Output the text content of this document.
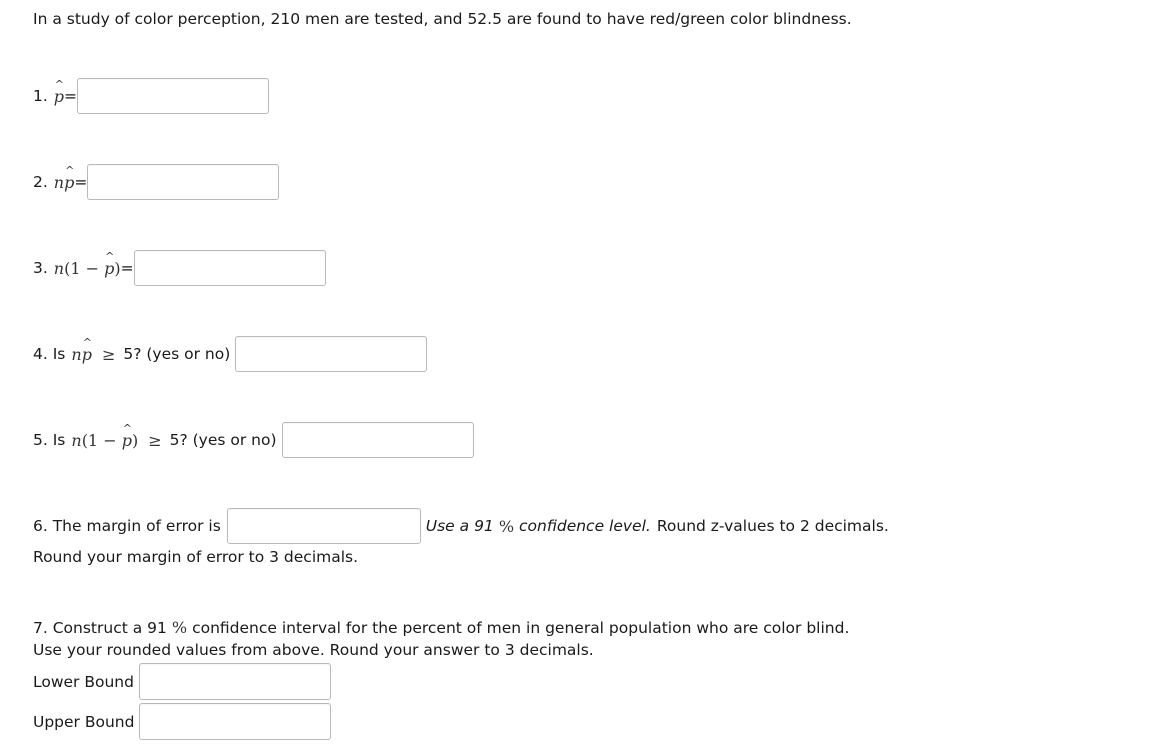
In a study of color perception, 210 men are tested, and 52.5 are found to have red/green color blindness.
1.
^ p =
2. n^ p =
3. n(1 − ^ p) =
4. Is n^ p ≥ 5? (yes or no)
5. Is n(1 − ^ p) ≥ 5? (yes or no)
6. The margin of error is	Use a 91 % confidence level. Round z-values to 2 decimals.
Round your margin of error to 3 decimals.
7. Construct a 91 % confidence interval for the percent of men in general population who are color blind.
Use your rounded values from above. Round your answer to 3 decimals.
Lower Bound
Upper Bound
